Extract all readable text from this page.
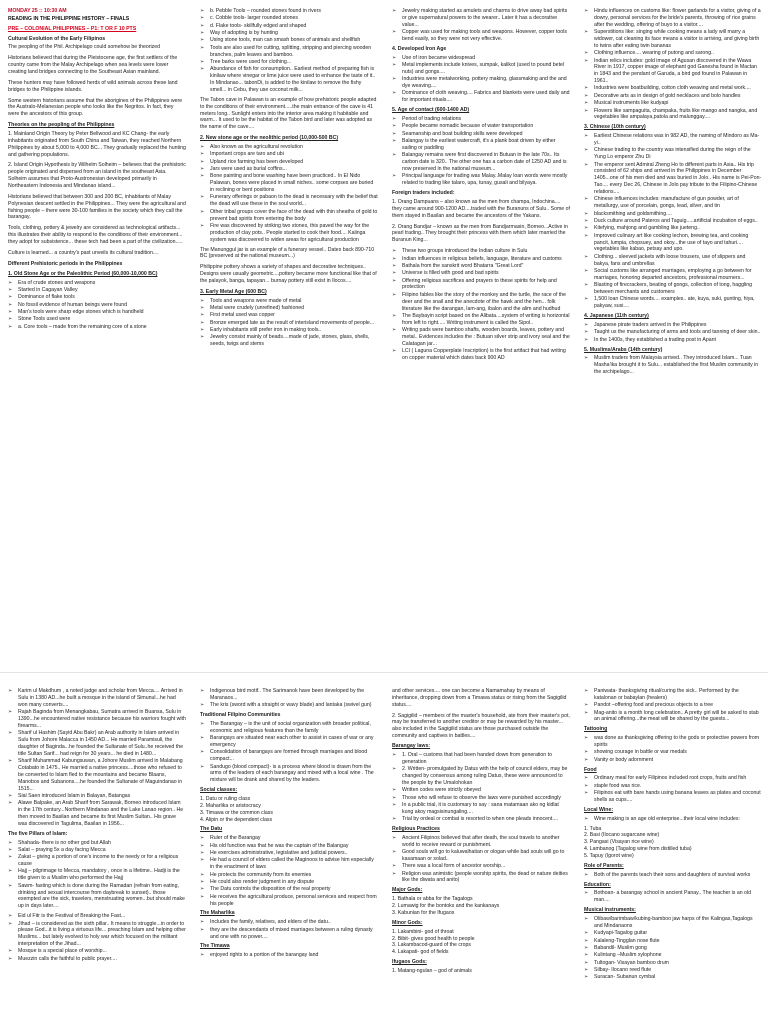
MONDAY 25 :: 10:30 AM
READING IN THE PHILIPPINE HISTORY – FINALS
PRE – COLONIAL PHILIPPINES – P1: T OR F 10 PTS
Cultural Evolution of the Early Filipinos

The peopling of the Phil. Archipelago could somehow be theorized

Historians believed that during the Pleistocene age, the first settlers of the country came from the Malay Archipelago when sea levels were lower creating land bridges connecting to the Southeast Asian mainland.

These hunters may have followed herds of wild animals across these land bridges to the Philippine islands.

Some western historians assume that the aborigines of the Philippines were the Australo-Melanesian people who looks like the Negritos. In fact, they were the ancestors of this group.

Theories on the peopling of the Philippines

1. Mainland Origin Theory by Peter Bellwood and KC Chang- the early inhabitants originated from South China and Taiwan, they reached Northern Philippines by about 5,000 to 4,000 BC... They gradually replaced the hunting and gathering populations.

2. Island Origin Hypothesis by Wilhelm Solheim – believes that the prehistoric people originated and dispersed from an island in the southeast Asia. Solheim assumes that Proto-Austronesian developed primarily in Northeastern Indonesia and Mindanao island...

Historians believed that between 300 and 200 BC, inhabitants of Malay Polynesian descent settled in the Philippines... They were the agricultural and fishing people – there were 30-100 families in the society which they call the barangay.

Tools, clothing, pottery & jewelry are considered as technological artifacts... this illustrates their ability to respond to the conditions of their environment... they adopt for subsistence... these tech had been a part of the civilization.....

Culture is learned... a country's past unveils its cultural tradition....

Different Prehistoric periods in the Philippines
1. Old Stone Age or the Paleolithic Period (60,000-10,000 BC)
➢ Era of crude stones and weapons
➢ Started in Cagayan Valley
➢ Dominance of flake tools
➢ No fossil evidence of human beings were found
➢ Man's tools were sharp edge stones which is handheld
➢ Stone Tools used were
➢ a. Core tools – made from the remaining core of a stone
➢ b. Pebble Tools – rounded stones found in rivers
➢ c. Cobble tools- larger rounded stones
➢ d. Flake tools- skillfully edged and shaped
➢ Way of adopting is by hunting
➢ Using stone tools, man can smash bones of animals and shellfish
➢ Tools are also used for cutting, splitting, stripping and piercing wooden branches, palm leaves and bamboo.
➢ Tree barks were used for clothing...
➢ Abundance of fish for consumption.. Earliest method of preparing fish is kinilaw where vinegar or lime juice were used to enhance the taste of it.. In Mindanao... tabonDi, is added to the kinilaw to remove the fishy smell... in Cebu, they use coconut milk...

The Tabon cave in Palawan is an example of how prehistoric people adapted to the conditions of their environment.....the main entrance of the cave is 41 meters long.. Sunlight enters into the interior area making it habitable and warm... It used to be the habitat of the Tabon bird and later was adopted as the name of the cave....

2. New stone age or the neolithic period (10,000-500 BC)
➢ Also known as the agricultural revolution
➢ Important crops are taro and ubi
➢ Upland rice farming has been developed
➢ Jars were used as burial coffins...
➢ Bone painting and bone washing have been practiced.. In El Nido Palawan, bones were placed in small niches.. some corpses are buried in reclining or bent positions
➢ Funerary offerings or pabaon to the dead is necessary with the belief that the dead will use these in the soul world...
➢ Other tribal groups cover the face of the dead with thin sheaths of gold to prevent bad spirits from entering the body
➢ Fire was discovered by striking two stones, this paved the way for the production of clay pots.. People started to cook their food.... Kalinga system was discovered to widen areas for agricultural production

The Manunggul jar is an example of a funerary vessel.. Dates back 890-710 BC (preserved at the national museum...)

Philippine pottery shows a variety of shapes and decorative techniques.. Designs were usually geometric....pottery became more functional like that of the palayok, banga, tapayan... burnay pottery still exist in Ilocos....

3. Early Metal Age (600 BC)
➢ Tools and weapons were made of metal
➢ Metal were crudely (unrefined) fashioned
➢ First metal used was copper
➢ Bronze emerged late as the result of interisland movements of people...
➢ Early inhabitants still prefer iron in making tools..
➢ Jewelry consist mainly of beads....made of jade, stones, glass, shells, seeds, twigs and stems
➢ Jewelry making started as amulets and charms to drive away bad spirits or give supernatural powers to the wearer.. Later it has a decorative value...
➢ Copper was used for making tools and weapons. However, copper tools bend easily, so they were not very effective.
4. Developed Iron Age
➢ Use of iron became widespread
➢ Metal implements include knives, sumpak, kalikot (used to pound betel nuts) and gongs....
➢ Industries were metalworking, pottery making, glassmaking and the and dye weaving....
➢ Dominance of cloth weaving.... Fabrics and blankets were used daily and for important rituals....
5. Age of contact (600-1400 AD)
➢ Period of trading relations
➢ People became nomadic because of water transportation
➢ Seamanship and boat building skills were developed
➢ Balangay is the earliest watercraft, it's a plank boat driven by either sailing or paddling
➢ Balangay remains were first discovered in Butuan in the late 70s.. Its carbon date is 320.. The other one has a carbon date of 1250 AD and is now preserved in the national museum...
➢ Principal language for trading was Malay..Malay loan words were mostly related to trading like talaro, upa, tunay, gusali and bilyaya.
Foreign traders included:

1. Orang Dampuans – also known as the men from champa, Indochina.... they came around 900-1200 AD....traded with the Buranuns of Sulu.. Some of them stayed in Basilan and became the ancestors of the Yakans.

2. Orang Bandjar – known as the men from Bandjarmasin, Borneo...Active in pearl trading.. They brought their princess with them which later married the Buranun King...

➢ These two groups introduced the Indian culture in Sulu
➢ Indian influences in religious beliefs, language, literature and customs
➢ Bathala from the sanskrit word Bhatarra "Great Lord"
➢ Universe is filled with good and bad spirits
➢ Offering religious sacrifices and prayers to these spirits for help and protection
➢ Filipino fables like the story of the monkey and the turtle, the race of the deer and the snail and the anecdote of the hawk and the hen... folk literature like the darangan, lam-ang, ibalon and the alim and hudhud
➢ The Baybayin script based on the Alibata....system of writing is horizontal from left to right..... Writing instrument is called the Sipol..
➢ Writing pads were bamboo shafts, wooden boards, leaves, pottery and metal.. Evidences includes the : Butuan silver strip and ivory seal and the Calatagan jar...
➢ LCI ( Laguna Copperplate Inscription) is the first artifact that had writing on copper material which dates back 900 AD
➢ Hindu influences on customs like: flower garlands for a visitor, giving of a dowry, personal services for the bride's parents, throwing of rice grains after the wedding, offering of buyo to a visitor....
➢ Superstitions like: singing while cooking means a lady will marry a widower, cat cleaning its face means a visitor is arriving, and giving birth to twins after eating twin bananas
➢ Clothing influence.... wearing of putong and sarong..
➢ Indian relics includes: gold image of Agusan discovered in the Wawa River in 1917, copper image of elephant god Ganesha found in Mactan in 1843 and the pendant of Garuda, a bird god found in Palawan in 1961..
➢ Industries were boatbuilding, cotton cloth weaving and metal work....
➢ Decorative arts as in design of gold necklaces and bolo handles
➢ Musical instruments like kudyapi
➢ Flowers like sampaguita, champaka, fruits like mango and nangka, and vegetables like ampalaya,patola and malunggay....
3. Chinese (10th century)
➢ Earliest Chinese relations was in 982 AD, the naming of Mindoro as Ma-yi..
➢ Chinese trading to the country was intensified during the reign of the Yung Lo emperor Zhu Di
➢ The emperor sent Admiral Zheng Ho to different parts in Asia.. His trip consisted of 62 ships and arrived in the Philippines in December 1405...one of his men died and was buried in Jolo.. His name is Pei-Pon-Tao.... every Dec 26, Chinese in Jolo pay tribute to the Filipino-Chinese relations....
➢ Chinese influences includes: manufacture of gun powder, art of metallurgy, use of porcelain, gongs, lead, silver, and tin
➢ blacksmithing and goldsmithing....
➢ Duck culture around Pateros and Taguig.....artificial incubation of eggs..
➢ Kitefying, mahjong and gambling like jueteng..
➢ Improved culinary art like cooking lechon, brewing tea, and cooking pancit, lumpia, chopsuey, and okoy...the use of tayo and tahuri.... vegetables like kabao, petsay and upo.
➢ Clothing... sleeved jackets with loose trousers, use of slippers and bakya, fans and umbrellas
➢ Social customs like arranged marriages, employing a go between for marriages, honoring departed ancestors, professional mourners...
➢ Blasting of firecrackers, beating of gongs, collection of tong, haggling between merchants and customers
➢ 1,500 loan Chinese words.... examples.. ate, kuya, suki, gunting, hiya, pakyaw, susi....
4. Japanese (11th century)
➢ Japanese pirate traders arrived in the Philippines
➢ Taught us the manufacturing of arms and tools and tanning of deer skin..
➢ In the 1400s, they established a trading post in Aparri
5. Muslims/Arabs (14th century)
➢ Muslim traders from Malaysia arrived.. They introduced Islam... Tuan Masha'ika brought it to Sulu... established the first Muslim community in the archipelago...
➢ Karim ul Makdhum , a noted judge and scholar from Mecca.... Arrived in Sulu in 1380 AD...he built a mosque in the island of Simunul...he had won many converts....
➢ Rajah Baginda from Menangkabau, Sumatra arrived in Buansa, Sulu in 1390...he encountered native resistance because his warriors fought with firearms...
➢ Sharif ul Hashim (Sayid Abu Bakr) an Arab authority in Islam arrived in Sulu from Johore Malacca in 1450 AD... He married Paramisuli, the daughter of Baginda...he founded the Sultanate of Sulu..he received the title Sultan Sarif... had reign for 30 years... he died in 1480...
➢ Sharif Muhammad Kabungsuwan, a Johore Muslim arrived in Malabang Cotabato in 1475.. He married a native princess....those who refused to be converted to Islam fled to the mountains and became Blaans, Manobos and Subanons....he founded the Sultanate of Maguindanao in 1515...
➢ Sial Saen introduced Islam in Balayan, Batangas
➢ Alawe Balpake, an Arab Sharif from Sarawak, Borneo introduced Islam in the 17th century...Northern Mindanao and the Lake Lanao region.. He then moved to Basilan and became its first Muslim Sultan.. His grave was discovered in Tagulima, Basilan in 1956...
The five Pillars of Islam:
➢ Shahada- there is no other god but Allah
➢ Salat – praying 5x a day facing Mecca
➢ Zakat – giving a portion of one's income to the needy or for a religious cause
➢ Hajj – pilgrimage to Mecca, mandatory , once in a lifetime.. Hadji is the title given to a Muslim who performed the Hajj
➢ Sawm- fasting which is done during the Ramadan (refrain from eating, drinking and sexual intercourse from daybreak to sunset).. those exempted are the sick, travelers, menstruating women...but should make up in days later....
➢ Eid ul Fitr is the Festival of Breaking the Fast...
➢ Jihad – is considered as the sixth pillar.. It means to struggle...in order to please God...it is living a virtuous life... preaching Islam and helping other Muslims... but lately evolved to holy war which focused on the militant interpretation of the Jihad...
➢ Mosque is a special place of worship...
➢ Muezzin calls the faithful to public prayer....
➢ Indigenous bird motif.. The Sarimanok have been developed by the Maranaos...
➢ The kris (sword with a straight or wavy blade) and lantaka (swivel gun)
Traditional Filipino Communities
➢ The Barangay – is the unit of social organization with broader political, economic and religious features than the family
➢ Barangays are situated near each other to assist in cases of war or any emergency
➢ Consolidation of barangays are formed through marriages and blood compact...
➢ Sandugo (blood compact)- is a process where blood is drawn from the arms of the leaders of each barangay and mixed with a local wine . The mixture will be drank and shared by the leaders.
Social classes:
1. Datu or ruling class
2. Maharlika or aristocracy
3. Timawa or the common class
4. Alipin or the dependent class
The Datu
➢ Ruler of the Barangay
➢ His old function was that he was the captain of the Balangay
➢ He exercises administrative, legislative and judicial powers..
➢ He had a council of elders called the Maginoos to advise him especially in the enactment of laws
➢ He protects the community from its enemies
➢ He could also render judgment in any dispute
➢ The Datu controls the disposition of the real property
➢ He receives the agricultural produce, personal services and respect from his people
The Maharlika
➢ Includes the family, relatives, and elders of the datu..
➢ they are the descendants of mixed marriages between a ruling dynasty and one with no power....
The Timawa
➢ enjoyed rights to a portion of the barangay land

and other services.... one can become a Namamahay by means of inheritance, dropping down from a Timawa status or rising from the Sagigilid status....

2. Sagigilid – members of the master's household, ate from their master's pot, may be transferred to another creditor or may be rewarded by his master... also included in the Sagigilid status are those purchased outside the community and captives in battles....
Barangay laws:
➢ 1. Oral – customs that had been handed down from generation to generation
➢ 2. Written- promulgated by Datus with the help of council elders, may be changed by consensus among ruling Datus, these were announced to the people by the Umalohokan
➢ Written codes were strictly obeyed
➢ Those who will refuse to observe the laws were punished accordingly
➢ In a public trial, it is customary to say : sana matamaan ako ng kidlat kung akoy magsisinungaling....
➢ Trial by ordeal or combat is resorted to when one pleads innocent....
Religious Practices
➢ Ancient Filipinos believed that after death, the soul travels to another world to receive reward or punishment.
➢ Good souls will go to kaluwalhatian or ologan while bad souls will go to kasamaan or solad..
➢ There was a local form of ancestor worship...
➢ Religion was animistic (people worship spirits, the dead or nature deities like the diwata and anito)
Major Gods:
1. Bathala or abba for the Tagalogs
2. Lumawig for the bontoks and the kankanays
3. Kabunian for the Ifugaos
Minor Gods:
1. Lakambini- god of throat
2. Bibit- gives good health to people
3. Lakambacod-guard of the crops
4. Lakapati- god of fields
Ifugaos Gods:
1. Matang-ngulan – god of animals
➢ Paniwata- thanksgiving ritual/curing the sick.. Performed by the katalonan or babaylan (healers)
➢ Pandot –offering food and precious objects to a tree
➢ Mag-anito is a month long celebration.. A pretty girl will be asked to stab an animal offering...the meat will be shared by the guests...
Tattooing
➢ was done as thanksgiving offering to the gods or protective powers from spirits
➢ showing courage in battle or war medals
➢ Vanity or body adornment
Food
➢ Ordinary meal for early Filipinos included root crops, fruits and fish
➢ staple food was rice.
➢ Filipinos eat with bare hands using banana leaves as plates and coconut shells as cups....
Local Wine:
➢ Wine making is an age old enterprise...their local wine includes:
1. Tuba
2. Basi (Ilocano sugarcane wine)
3. Pangasi (Visayan rice wine)
4. Lambanog (Tagalog wine from distilled tuba)
5. Tapuy (Igorot wine)
Role of Parents:
➢ Both of the parents teach their sons and daughters of survival works
Education:
➢ Bothoan- a barangay school in ancient Panay.. The teacher is an old man....
Musical instruments:
➢ Olibaw/barimbaw/kubing-bamboo jaw harps of the Kalingas,Tagalogs and Mindanaons
➢ Kudyapi-Tagalog guitar
➢ Kalaleng-Tingglan nose flute
➢ Babandil- Muslim gong
➢ Kulintang –Muslim xylophone
➢ Tultogan- Visayan bamboo drum
➢ Silbay- Ilocano reed flute
➢ Suracan- Subanun cymbal
